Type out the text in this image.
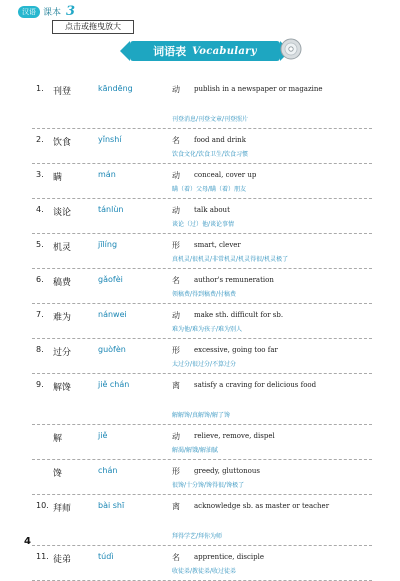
汉语 课本 3
词语表 Vocabulary
1.	刊登	kāndēng	动 publish in a newspaper or magazine
刊登消息/刊登文章/刊登照片
2.	饮食	yǐnshí	名 food and drink
饮食文化/饮食卫生/饮食习惯
3.	瞒	mán	动 conceal, cover up
瞒（着）父母/瞒（着）朋友
4.	谈论	tánlùn	动 talk about
谈论（过）他/谈论事情
5.	机灵	jīlíng	形 smart, clever
真机灵/很机灵/非常机灵/机灵得很/机灵极了
6.	稿费	gǎofèi	名 author's remuneration
领稿费/得到稿费/付稿费
7.	难为	nánwei	动 make sth. difficult for sb.
难为他/难为孩子/难为别人
8.	过分	guòfèn	形 excessive, going too far
太过分/很过分/不算过分
9.	解馋	jiě chán	离 satisfy a craving for delicious food
解解馋/真解馋/解了馋
解	jiě	动 relieve, remove, dispel
解渴/解饿/解油腻
馋	chán	形 greedy, gluttonous
很馋/十分馋/馋得很/馋极了
10. 拜师	bài shī	离 acknowledge sb. as master or teacher
拜得学艺/拜你为师
11. 徒弟	túdì	名 apprentice, disciple
收徒弟/教徒弟/收过徒弟
点击或拖曳放大
4
